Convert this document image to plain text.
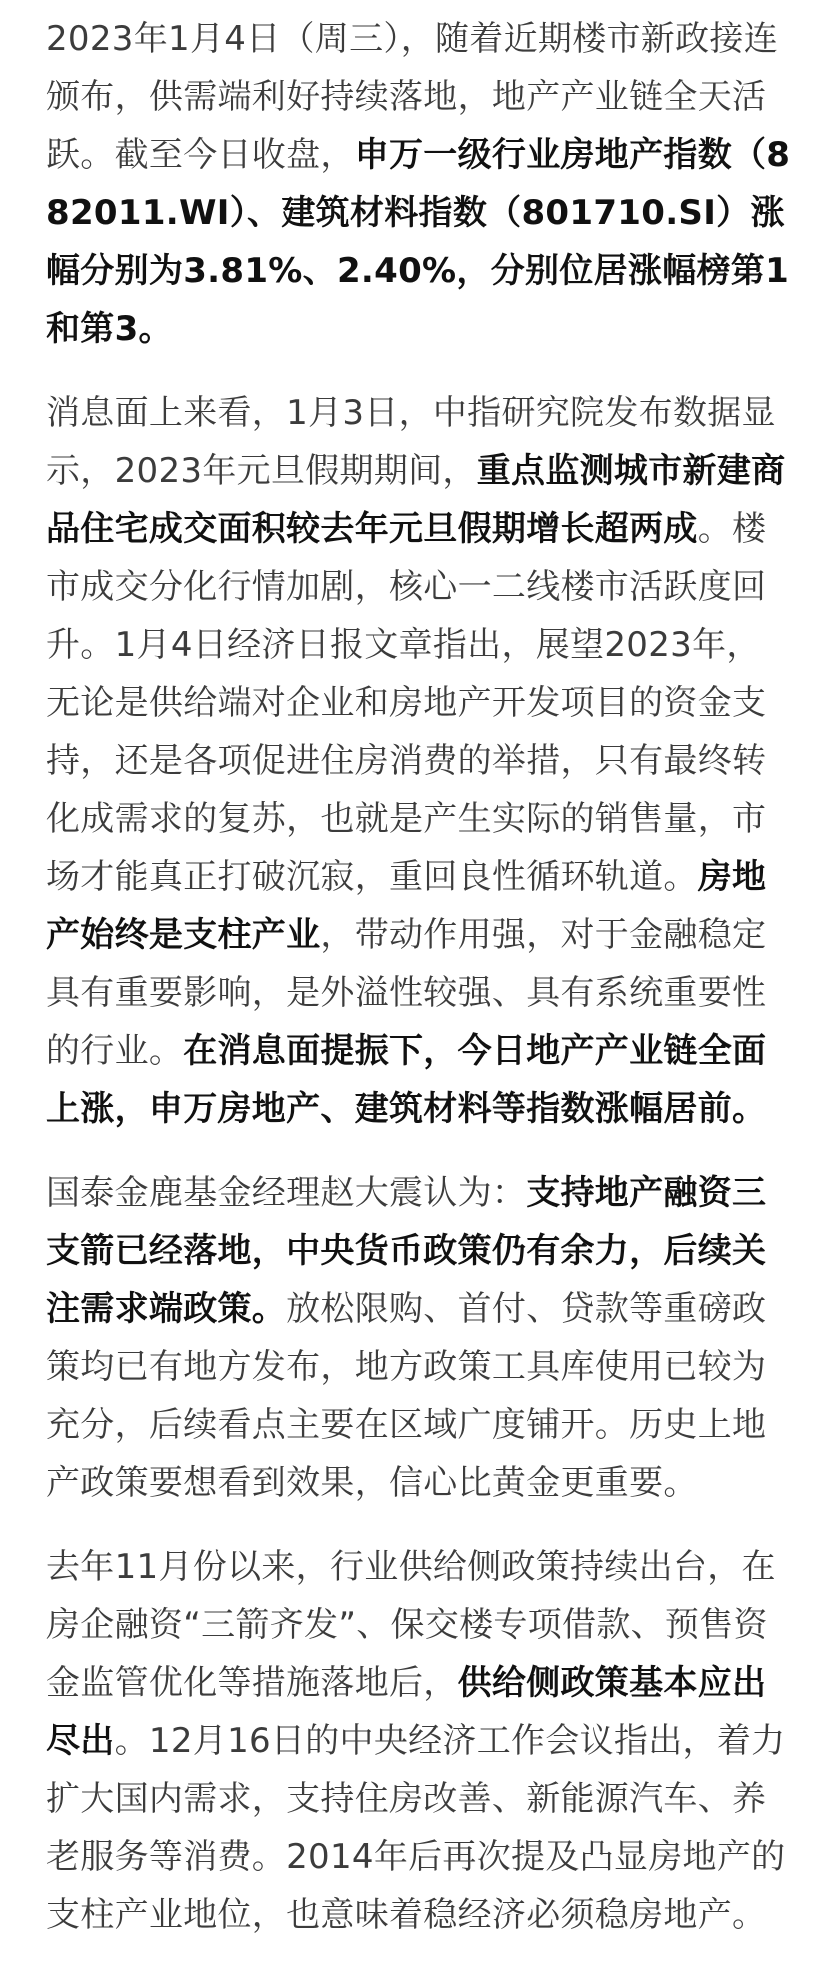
2023年1月4日（周三），随着近期楼市新政接连颁布，供需端利好持续落地，地产产业链全天活跃。截至今日收盘，申万一级行业房地产指数（882011.WI）、建筑材料指数（801710.SI）涨幅分别为3.81%、2.40%，分别位居涨幅榜第1和第3。

消息面上来看，1月3日，中指研究院发布数据显示，2023年元旦假期期间，重点监测城市新建商品住宅成交面积较去年元旦假期增长超两成。楼市成交分化行情加剧，核心一二线楼市活跃度回升。1月4日经济日报文章指出，展望2023年，无论是供给端对企业和房地产开发项目的资金支持，还是各项促进住房消费的举措，只有最终转化成需求的复苏，也就是产生实际的销售量，市场才能真正打破沉寂，重回良性循环轨道。房地产始终是支柱产业，带动作用强，对于金融稳定具有重要影响，是外溢性较强、具有系统重要性的行业。在消息面提振下，今日地产产业链全面上涨，申万房地产、建筑材料等指数涨幅居前。

国泰金鹿基金经理赵大震认为：支持地产融资三支箭已经落地，中央货币政策仍有余力，后续关注需求端政策。放松限购、首付、贷款等重磅政策均已有地方发布，地方政策工具库使用已较为充分，后续看点主要在区域广度铺开。历史上地产政策要想看到效果，信心比黄金更重要。

去年11月份以来，行业供给侧政策持续出台，在房企融资“三箭齐发”、保交楼专项借款、预售资金监管优化等措施落地后，供给侧政策基本应出尽出。12月16日的中央经济工作会议指出，着力扩大国内需求，支持住房改善、新能源汽车、养老服务等消费。2014年后再次提及凸显房地产的支柱产业地位，也意味着稳经济必须稳房地产。
